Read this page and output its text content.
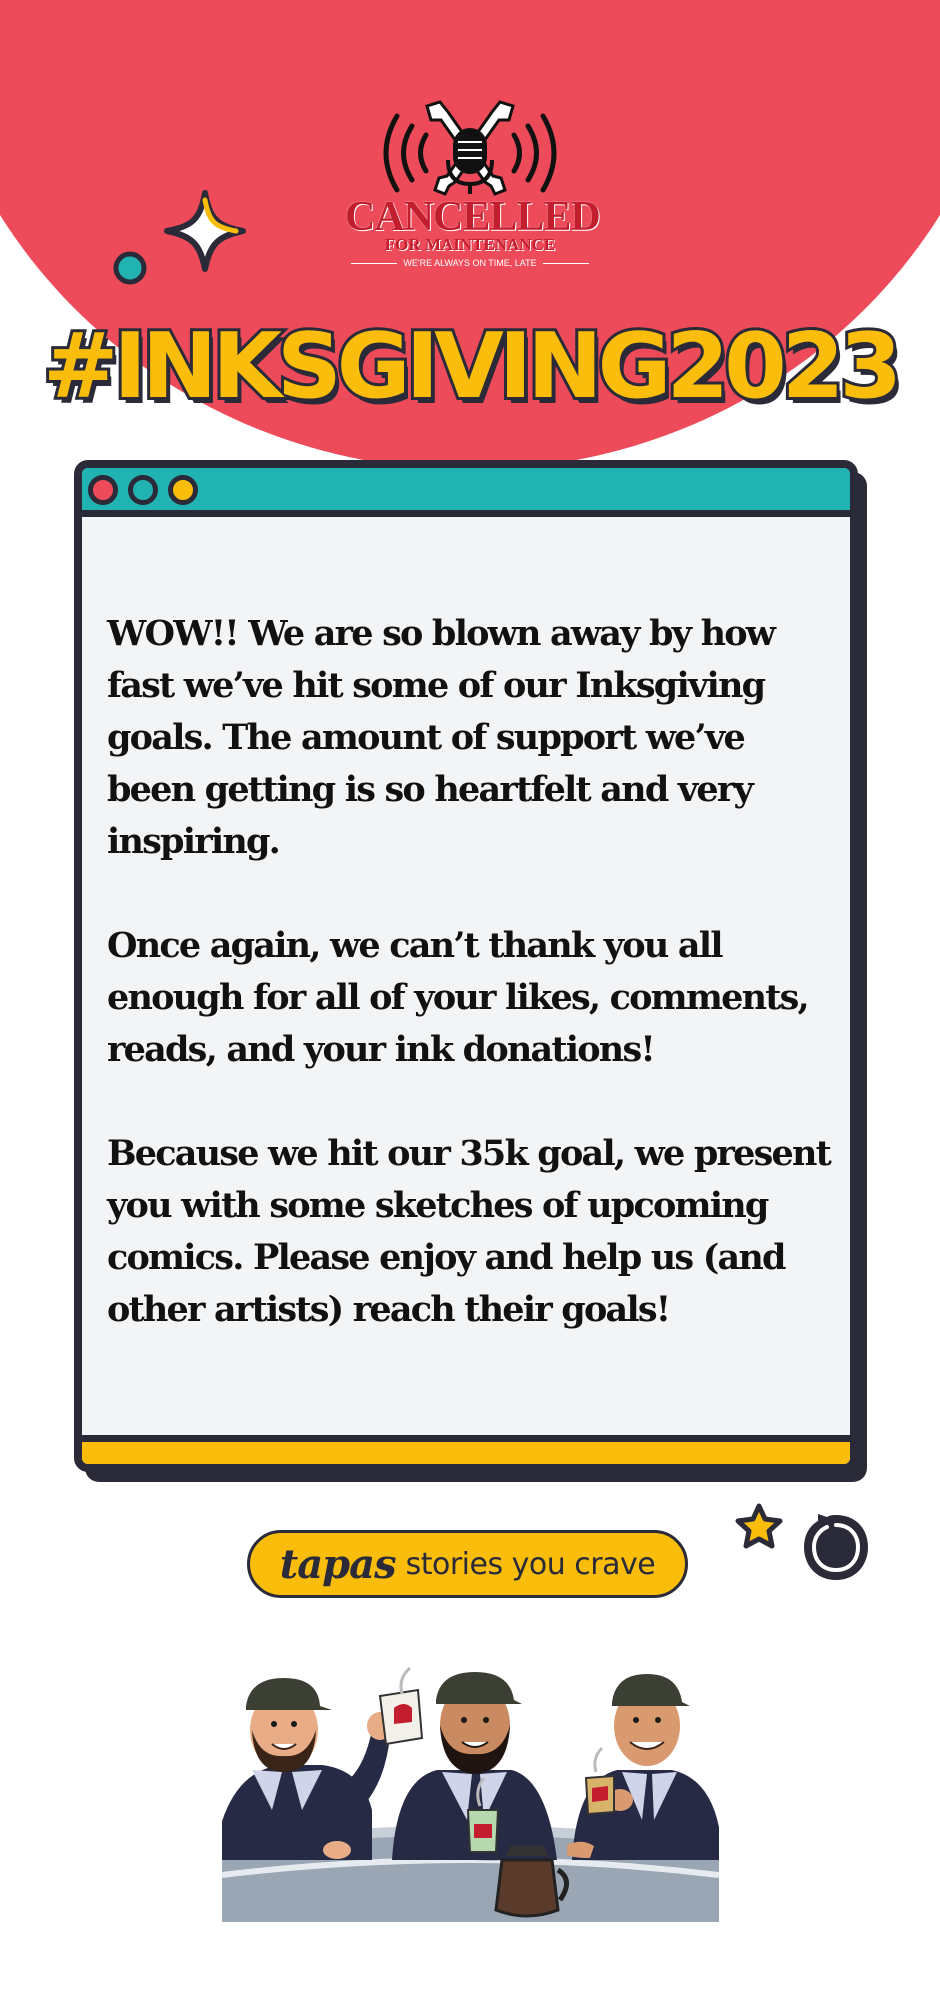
CANCELLED
FOR MAINTENANCE
WE'RE ALWAYS ON TIME, LATE
#INKSGIVING2023

WOW!! We are so blown away by how fast we’ve hit some of our Inksgiving goals. The amount of support we’ve been getting is so heartfelt and very inspiring.

Once again, we can’t thank you all enough for all of your likes, comments, reads, and your ink donations!

Because we hit our 35k goal, we present you with some sketches of upcoming comics. Please enjoy and help us (and other artists) reach their goals!

tapas stories you crave
